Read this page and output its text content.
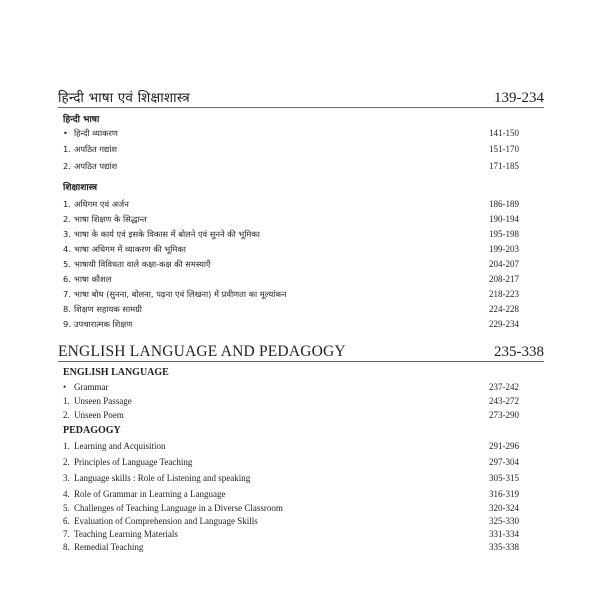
हिन्दी भाषा एवं शिक्षाशास्त्र	139-234
हिन्दी भाषा
• हिन्दी व्याकरण	141-150
1. अपठित गद्यांश	151-170
2. अपठित पद्यांश	171-185
शिक्षाशास्त्र
1. अधिगम एवं अर्जन	186-189
2. भाषा शिक्षण के सिद्धान्त	190-194
3. भाषा के कार्य एवं इसके विकास में बोलने एवं सुनने की भूमिका	195-198
4. भाषा अधिगम में व्याकरण की भूमिका	199-203
5. भाषायी विविधता वाले कक्षा-कक्ष की समस्याएँ	204-207
6. भाषा कौशल	208-217
7. भाषा बोध (सुनना, बोलना, पढ़ना एवं लिखना) में प्रवीणता का मूल्यांकन	218-223
8. शिक्षण सहायक सामग्री	224-228
9. उपचारात्मक शिक्षण	229-234
ENGLISH LANGUAGE AND PEDAGOGY	235-338
ENGLISH LANGUAGE
• Grammar	237-242
1. Unseen Passage	243-272
2. Unseen Poem	273-290
PEDAGOGY
1. Learning and Acquisition	291-296
2. Principles of Language Teaching	297-304
3. Language skills : Role of Listening and speaking	305-315
4. Role of Grammar in Learning a Language	316-319
5. Challenges of Teaching Language in a Diverse Classroom	320-324
6. Evaluation of Comprehension and Language Skills	325-330
7. Teaching Learning Materials	331-334
8. Remedial Teaching	335-338
